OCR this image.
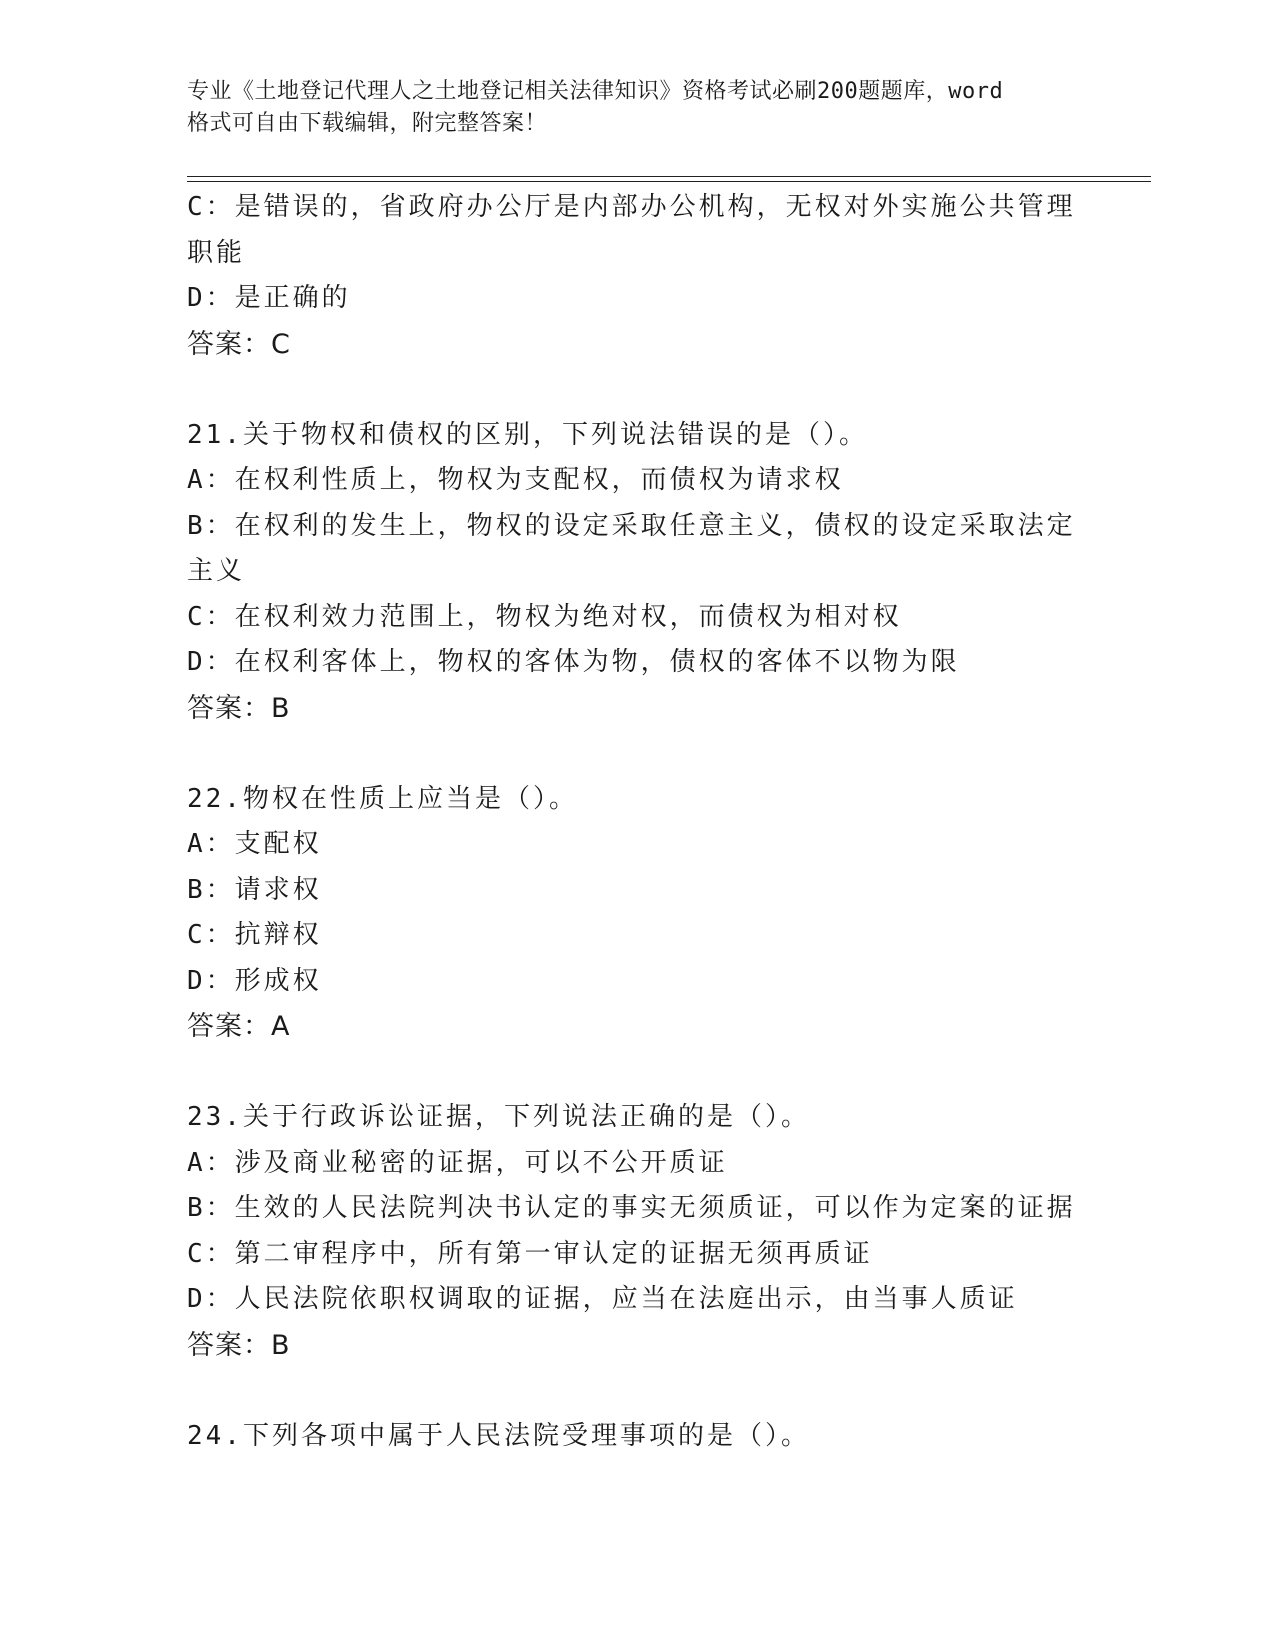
专业《土地登记代理人之土地登记相关法律知识》资格考试必刷200题题库，word
格式可自由下载编辑，附完整答案！
C：是错误的，省政府办公厅是内部办公机构，无权对外实施公共管理
职能
D：是正确的
答案：C
21.关于物权和债权的区别，下列说法错误的是（）。
A：在权利性质上，物权为支配权，而债权为请求权
B：在权利的发生上，物权的设定采取任意主义，债权的设定采取法定
主义
C：在权利效力范围上，物权为绝对权，而债权为相对权
D：在权利客体上，物权的客体为物，债权的客体不以物为限
答案：B
22.物权在性质上应当是（）。
A：支配权
B：请求权
C：抗辩权
D：形成权
答案：A
23.关于行政诉讼证据，下列说法正确的是（）。
A：涉及商业秘密的证据，可以不公开质证
B：生效的人民法院判决书认定的事实无须质证，可以作为定案的证据
C：第二审程序中，所有第一审认定的证据无须再质证
D：人民法院依职权调取的证据，应当在法庭出示，由当事人质证
答案：B
24.下列各项中属于人民法院受理事项的是（）。
